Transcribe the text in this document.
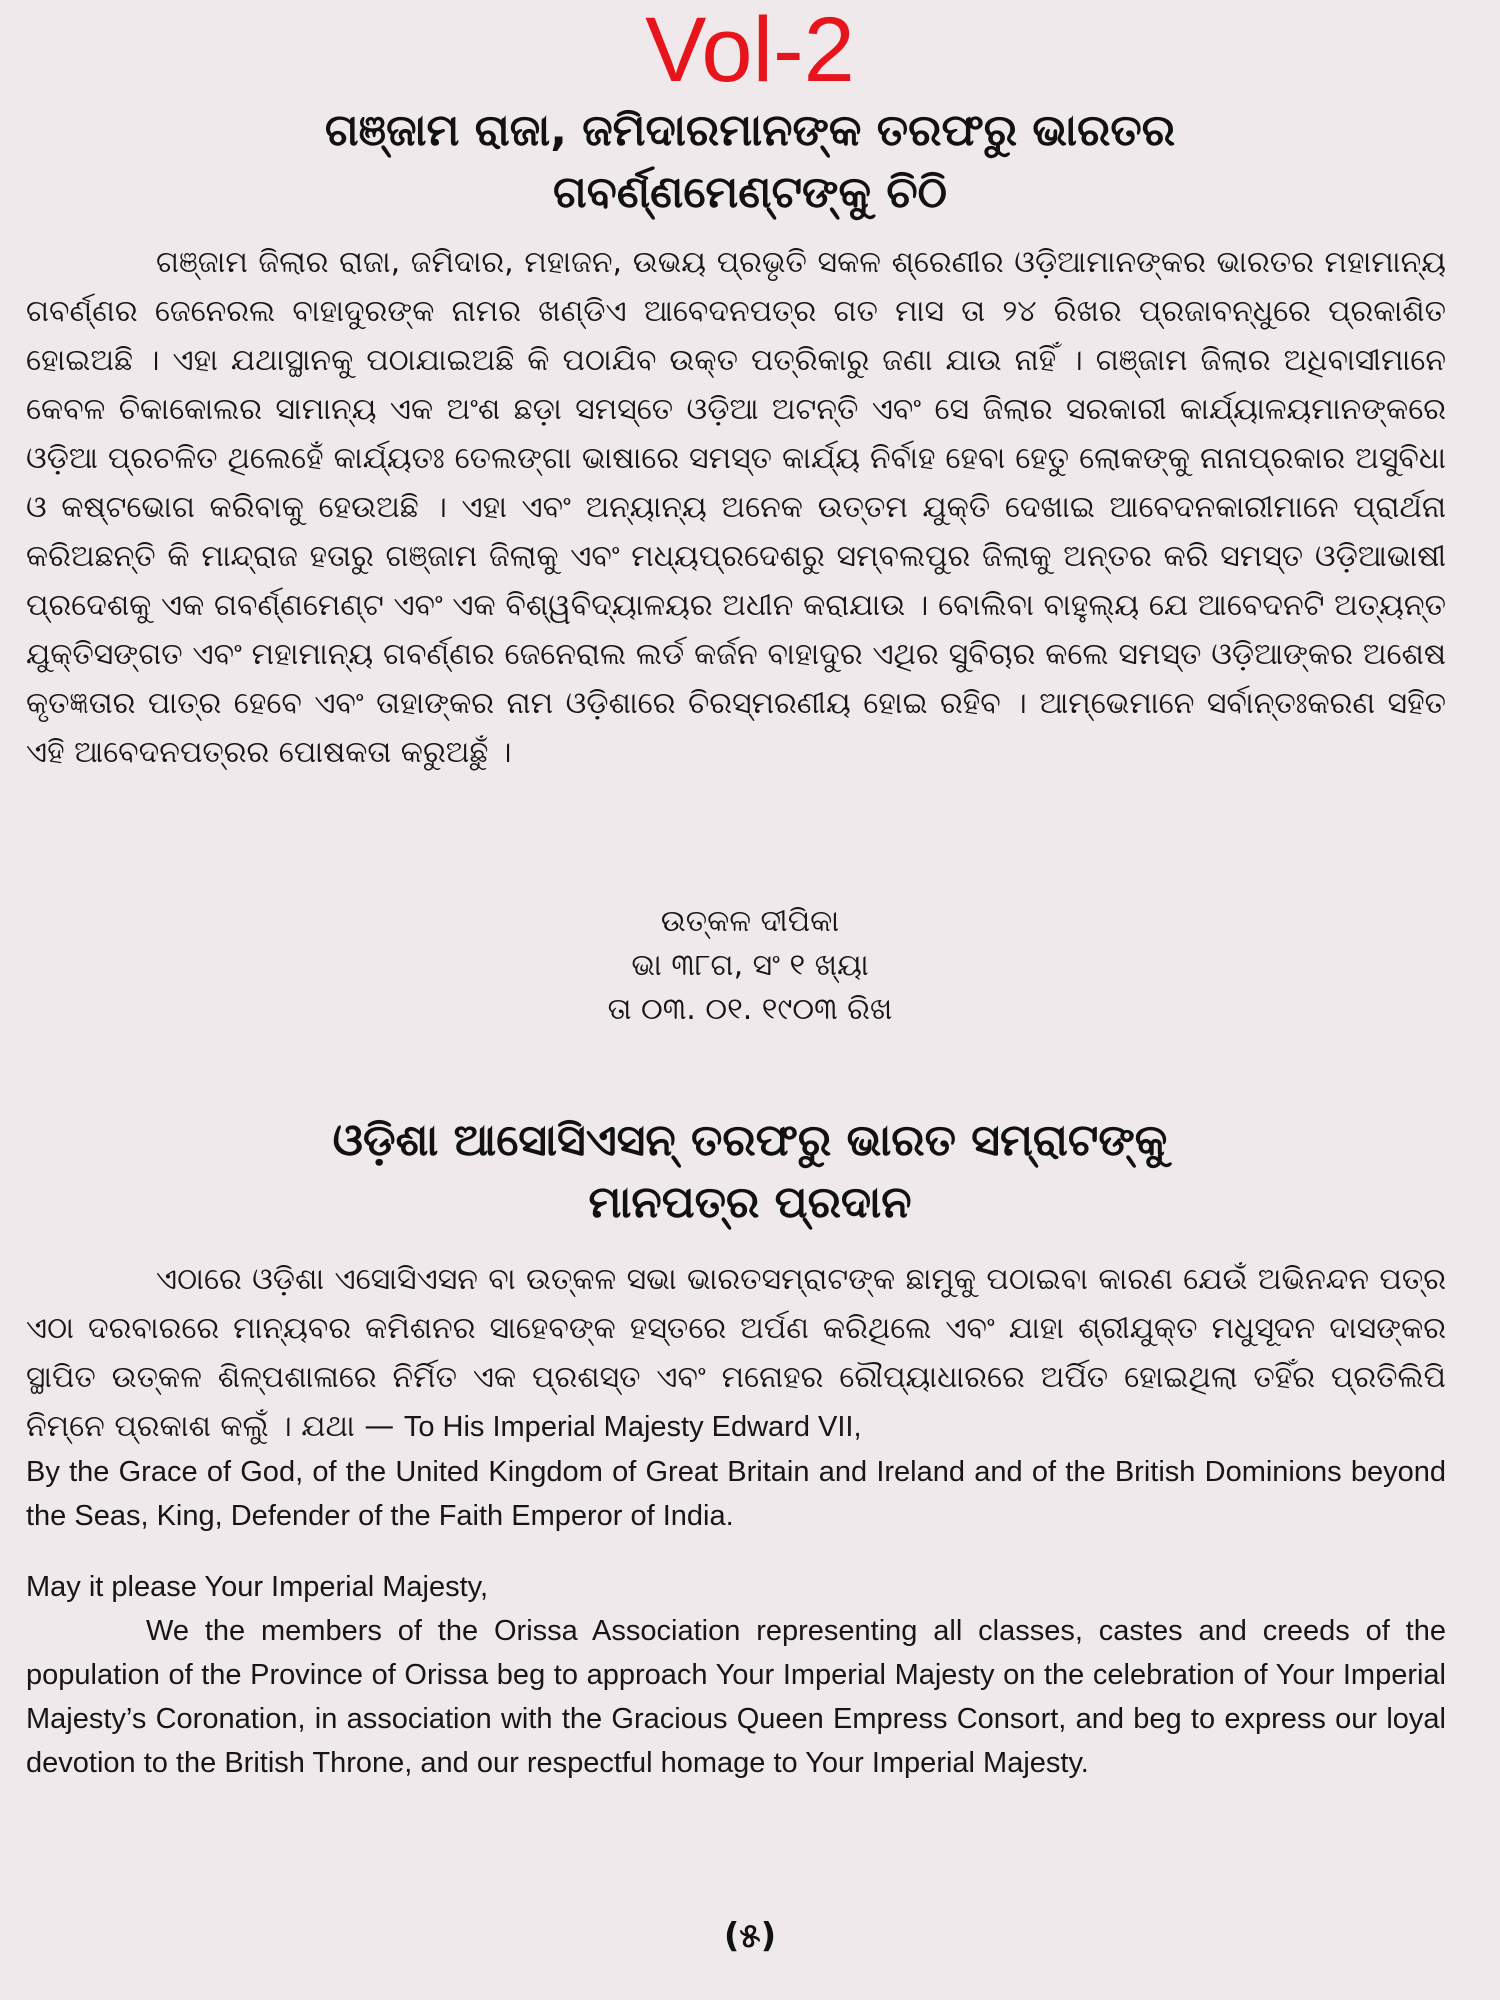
Vol-2
ଗଞ୍ଜାମ ରାଜା, ଜମିଦାରମାନଙ୍କ ତରଫରୁ ଭାରତର
ଗବର୍ଣ୍ଣମେଣ୍ଟଙ୍କୁ ଚିଠି

ଗଞ୍ଜାମ ଜିଲାର ରାଜା, ଜମିଦାର, ମହାଜନ, ଉଭୟ ପ୍ରଭୃତି ସକଳ ଶ୍ରେଣୀର ଓଡ଼ିଆମାନଙ୍କର ଭାରତର ମହାମାନ୍ୟ ଗବର୍ଣ୍ଣର ଜେନେରଲ ବାହାଦୁରଙ୍କ ନାମର ଖଣ୍ଡିଏ ଆବେଦନପତ୍ର ଗତ ମାସ ତା ୨୪ ରିଖର ପ୍ରଜାବନ୍ଧୁରେ ପ୍ରକାଶିତ ହୋଇଅଛି । ଏହା ଯଥାସ୍ଥାନକୁ ପଠାଯାଇଅଛି କି ପଠାଯିବ ଉକ୍ତ ପତ୍ରିକାରୁ ଜଣା ଯାଉ ନାହିଁ । ଗଞ୍ଜାମ ଜିଲାର ଅଧିବାସୀମାନେ କେବଳ ଚିକାକୋଲର ସାମାନ୍ୟ ଏକ ଅଂଶ ଛଡ଼ା ସମସ୍ତେ ଓଡ଼ିଆ ଅଟନ୍ତି ଏବଂ ସେ ଜିଲାର ସରକାରୀ କାର୍ଯ୍ୟାଳୟମାନଙ୍କରେ ଓଡ଼ିଆ ପ୍ରଚଳିତ ଥିଲେହେଁ କାର୍ଯ୍ୟତଃ ତେଲଙ୍ଗା ଭାଷାରେ ସମସ୍ତ କାର୍ଯ୍ୟ ନିର୍ବାହ ହେବା ହେତୁ ଲୋକଙ୍କୁ ନାନାପ୍ରକାର ଅସୁବିଧା ଓ କଷ୍ଟଭୋଗ କରିବାକୁ ହେଉଅଛି । ଏହା ଏବଂ ଅନ୍ୟାନ୍ୟ ଅନେକ ଉତ୍ତମ ଯୁକ୍ତି ଦେଖାଇ ଆବେଦନକାରୀମାନେ ପ୍ରାର୍ଥନା କରିଅଛନ୍ତି କି ମାନ୍ଦ୍ରାଜ ହତାରୁ ଗଞ୍ଜାମ ଜିଲାକୁ ଏବଂ ମଧ୍ୟପ୍ରଦେଶରୁ ସମ୍ବଲପୁର ଜିଲାକୁ ଅନ୍ତର କରି ସମସ୍ତ ଓଡ଼ିଆଭାଷୀ ପ୍ରଦେଶକୁ ଏକ ଗବର୍ଣ୍ଣମେଣ୍ଟ ଏବଂ ଏକ ବିଶ୍ୱବିଦ୍ୟାଳୟର ଅଧୀନ କରାଯାଉ । ବୋଲିବା ବାହୁଲ୍ୟ ଯେ ଆବେଦନଟି ଅତ୍ୟନ୍ତ ଯୁକ୍ତିସଙ୍ଗତ ଏବଂ ମହାମାନ୍ୟ ଗବର୍ଣ୍ଣର ଜେନେରାଲ ଲର୍ଡ କର୍ଜନ ବାହାଦୁର ଏଥିର ସୁବିଚାର କଲେ ସମସ୍ତ ଓଡ଼ିଆଙ୍କର ଅଶେଷ କୃତଜ୍ଞତାର ପାତ୍ର ହେବେ ଏବଂ ତାହାଙ୍କର ନାମ ଓଡ଼ିଶାରେ ଚିରସ୍ମରଣୀୟ ହୋଇ ରହିବ । ଆମ୍ଭେମାନେ ସର୍ବାନ୍ତଃକରଣ ସହିତ ଏହି ଆବେଦନପତ୍ରର ପୋଷକତା କରୁଅଛୁଁ ।

ଉତ୍କଳ ଦୀପିକା
ଭା ୩୮ଗ, ସଂ ୧ ଖ୍ୟା
ତା ୦୩. ୦୧. ୧୯୦୩ ରିଖ
ଓଡ଼ିଶା ଆସୋସିଏସନ୍ ତରଫରୁ ଭାରତ ସମ୍ରାଟଙ୍କୁ
ମାନପତ୍ର ପ୍ରଦାନ

ଏଠାରେ ଓଡ଼ିଶା ଏସୋସିଏସନ ବା ଉତ୍କଳ ସଭା ଭାରତସମ୍ରାଟଙ୍କ ଛାମୁକୁ ପଠାଇବା କାରଣ ଯେଉଁ ଅଭିନନ୍ଦନ ପତ୍ର ଏଠା ଦରବାରରେ ମାନ୍ୟବର କମିଶନର ସାହେବଙ୍କ ହସ୍ତରେ ଅର୍ପଣ କରିଥିଲେ ଏବଂ ଯାହା ଶ୍ରୀଯୁକ୍ତ ମଧୁସୂଦନ ଦାସଙ୍କର ସ୍ଥାପିତ ଉତ୍କଳ ଶିଳ୍ପଶାଳାରେ ନିର୍ମିତ ଏକ ପ୍ରଶସ୍ତ ଏବଂ ମନୋହର ରୌପ୍ୟାଧାରରେ ଅର୍ପିତ ହୋଇଥିଲା ତହିଁର ପ୍ରତିଲିପି ନିମ୍ନେ ପ୍ରକାଶ କଲୁଁ । ଯଥା — To His Imperial Majesty Edward VII,

By the Grace of God, of the United Kingdom of Great Britain and Ireland and of the British Dominions beyond the Seas, King, Defender of the Faith Emperor of India.
May it please Your Imperial Majesty,
We the members of the Orissa Association representing all classes, castes and creeds of the population of the Province of Orissa beg to approach Your Imperial Majesty on the celebration of Your Imperial Majesty’s Coronation, in association with the Gracious Queen Empress Consort, and beg to express our loyal devotion to the British Throne, and our respectful homage to Your Imperial Majesty.
(୫)
